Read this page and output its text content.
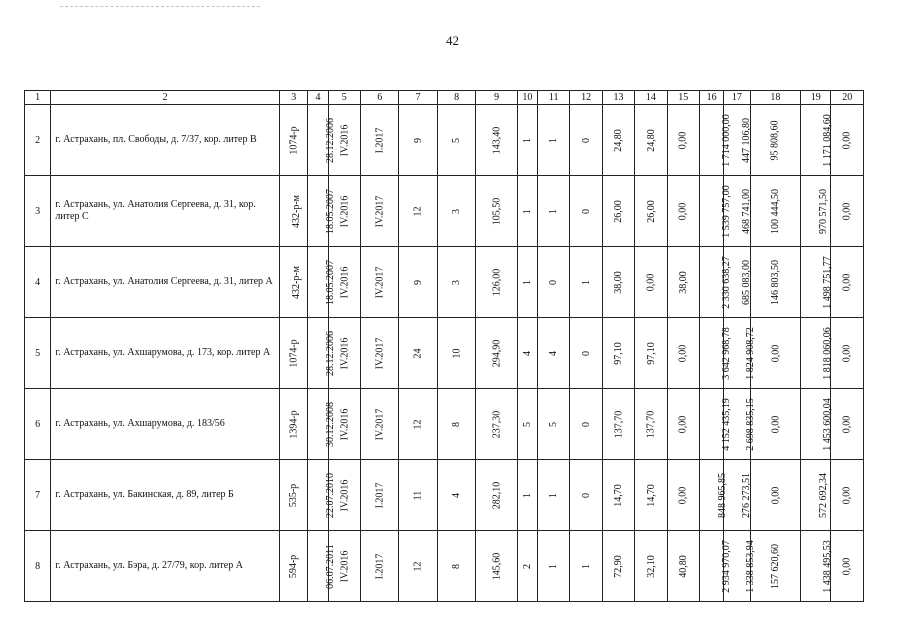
42
1	2	3	4	5	6	7	8	9	10	11	12	13	14	15	16	17	18	19	20
2	г. Астрахань, пл. Свободы, д. 7/37, кор. литер В	1074-р	28.12.2006	IV.2016	I.2017	9	5	143,40	1	1	0	24,80	24,80	0,00	1 714 000,00	447 106,80	95 808,60	1 171 084,60	0,00
3	г. Астрахань, ул. Анатолия Сергеева, д. 31, кор. литер С	432-р-м	18.05.2007	IV.2016	IV.2017	12	3	105,50	1	1	0	26,00	26,00	0,00	1 539 757,00	468 741,00	100 444,50	970 571,50	0,00
4	г. Астрахань, ул. Анатолия Сергеева, д. 31, литер А	432-р-м	18.05.2007	IV.2016	IV.2017	9	3	126,00	1	0	1	38,00	0,00	38,00	2 330 638,27	685 083,00	146 803,50	1 498 751,77	0,00
5	г. Астрахань, ул. Ахшарумова, д. 173, кор. литер А	1074-р	28.12.2006	IV.2016	IV.2017	24	10	294,90	4	4	0	97,10	97,10	0,00	3 642 968,78	1 824 908,72	0,00	1 818 060,06	0,00
6	г. Астрахань, ул. Ахшарумова, д. 183/56	1394-р	30.12.2008	IV.2016	IV.2017	12	8	237,30	5	5	0	137,70	137,70	0,00	4 152 435,19	2 698 835,15	0,00	1 453 600,04	0,00
7	г. Астрахань, ул. Бакинская, д. 89, литер Б	535-р	22.07.2010	IV.2016	I.2017	11	4	282,10	1	1	0	14,70	14,70	0,00	848 965,85	276 273,51	0,00	572 692,34	0,00
8	г. Астрахань, ул. Бэра, д. 27/79, кор. литер А	594-р	06.07.2011	IV.2016	I.2017	12	8	145,60	2	1	1	72,90	32,10	40,80	2 934 970,07	1 338 853,94	157 620,60	1 438 495,53	0,00
